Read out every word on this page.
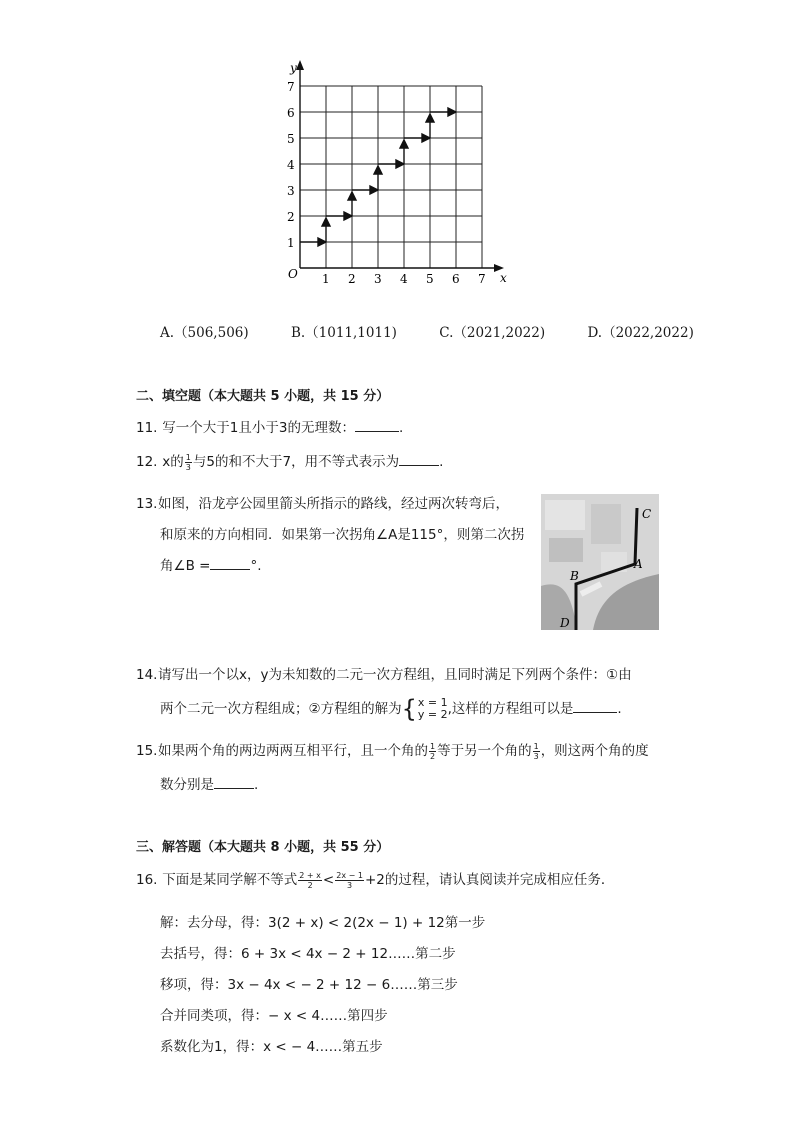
y
x
O 1 2 3 4 5 6 7
1
2
3
4
5
6
7
A.（506,506)	B.（1011,1011)	C.（2021,2022)	D.（2022,2022)
二、填空题（本大题共 5 小题，共 15 分）
11. 写一个大于1且小于3的无理数：	.
12. x的 $\frac{1}{3}$ 与5的和不大于7，用不等式表示为	.
13.如图，沿龙亭公园里箭头所指示的路线，经过两次转弯后，
和原来的方向相同．如果第一次拐角∠A是115°，则第二次拐
角∠B =	°.
C
A
B
D
14.请写出一个以x，y为未知数的二元一次方程组，且同时满足下列两个条件：①由
两个二元一次方程组成；②方程组的解为{ x = 1
y = 2 ,这样的方程组可以是	.
15.如果两个角的两边两两互相平行，且一个角的 $\frac{1}{2}$ 等于另一个角的 $\frac{1}{3}$ ，则这两个角的度
数分别是	.
三、解答题（本大题共 8 小题，共 55 分）
16. 下面是某同学解不等式 $\frac{2 + x}{2} < \frac{2x - 1}{3} +2$的过程，请认真阅读并完成相应任务．
解：去分母，得：3(2 + x) < 2(2x − 1) + 12第一步
去括号，得：6 + 3x < 4x − 2 + 12……第二步
移项，得：3x − 4x < − 2 + 12 − 6……第三步
合并同类项，得：− x < 4……第四步
系数化为1，得：x < − 4……第五步
